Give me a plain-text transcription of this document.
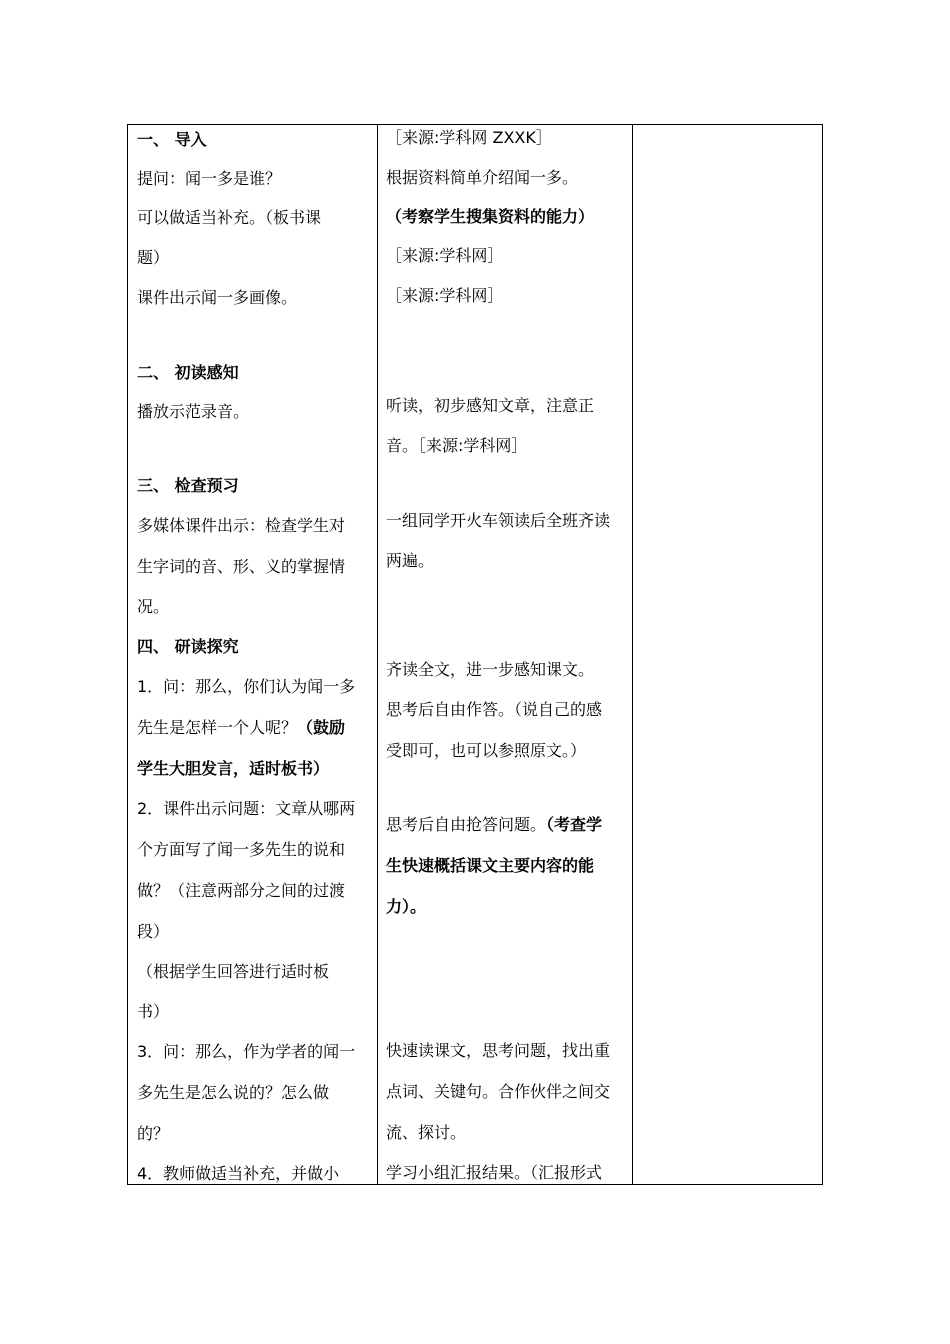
一、 导入
提问：闻一多是谁？
可以做适当补充。（板书课
题）
课件出示闻一多画像。
二、 初读感知
播放示范录音。
三、 检查预习
多媒体课件出示：检查学生对
生字词的音、形、义的掌握情
况。
四、 研读探究
1．问：那么，你们认为闻一多
先生是怎样一个人呢？（鼓励
学生大胆发言，适时板书）
2．课件出示问题：文章从哪两
个方面写了闻一多先生的说和
做？（注意两部分之间的过渡
段）
（根据学生回答进行适时板
书）
3．问：那么，作为学者的闻一
多先生是怎么说的？怎么做
的？
4．教师做适当补充，并做小
［来源:学科网 ZXXK］
根据资料简单介绍闻一多。
（考察学生搜集资料的能力）
［来源:学科网］
［来源:学科网］
听读，初步感知文章，注意正
音。［来源:学科网］
一组同学开火车领读后全班齐读
两遍。
齐读全文，进一步感知课文。
思考后自由作答。（说自己的感
受即可，也可以参照原文。）
思考后自由抢答问题。（考查学
生快速概括课文主要内容的能
力）。
快速读课文，思考问题，找出重
点词、关键句。合作伙伴之间交
流、探讨。
学习小组汇报结果。（汇报形式
